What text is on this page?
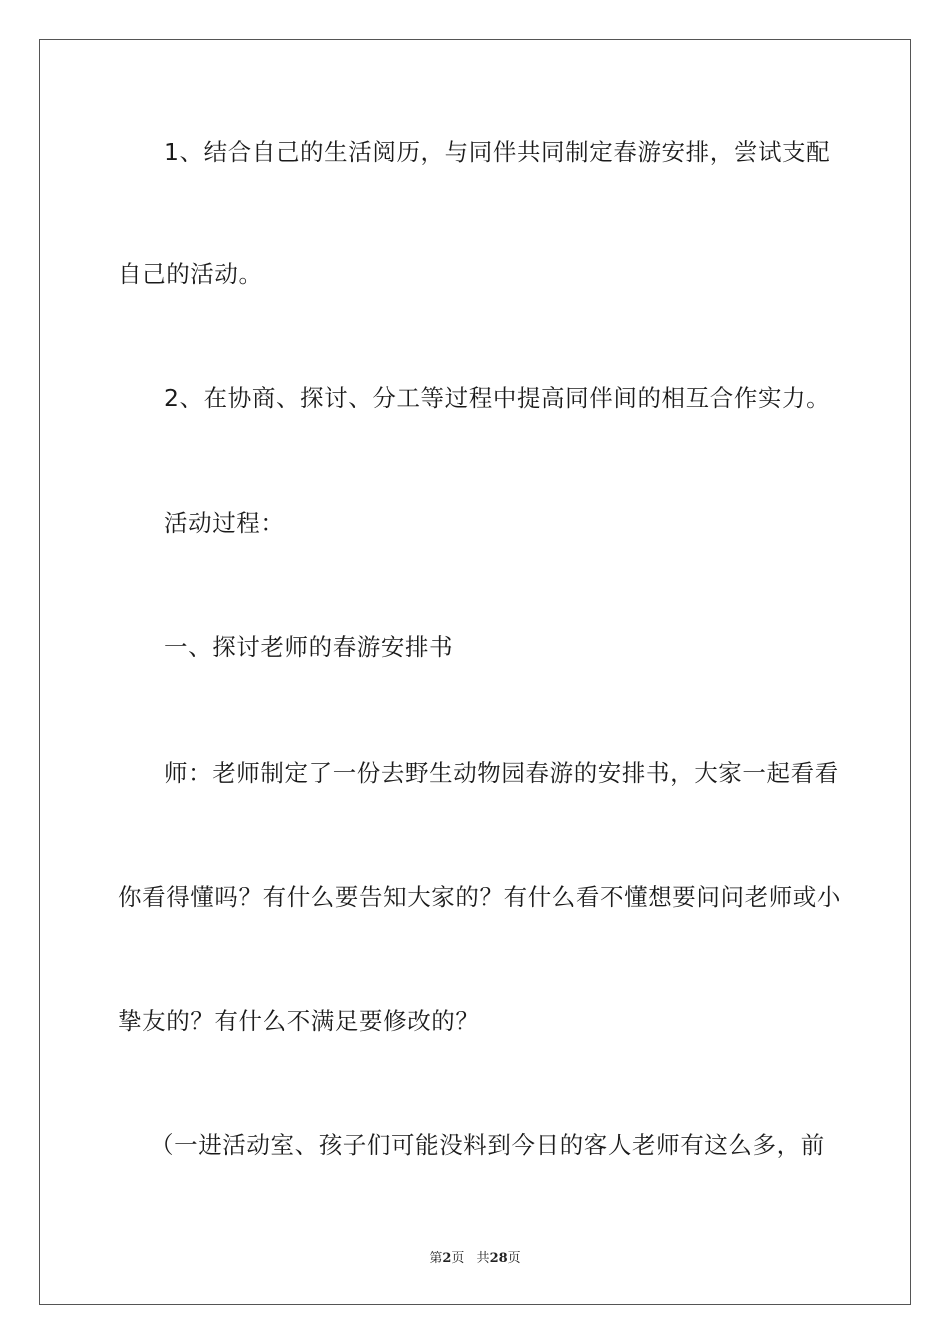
1、结合自己的生活阅历，与同伴共同制定春游安排，尝试支配
自己的活动。
2、在协商、探讨、分工等过程中提高同伴间的相互合作实力。
活动过程：
一、探讨老师的春游安排书
师：老师制定了一份去野生动物园春游的安排书，大家一起看看
你看得懂吗？有什么要告知大家的？有什么看不懂想要问问老师或小
挚友的？有什么不满足要修改的？
（一进活动室、孩子们可能没料到今日的客人老师有这么多，前
第2页 共28页
